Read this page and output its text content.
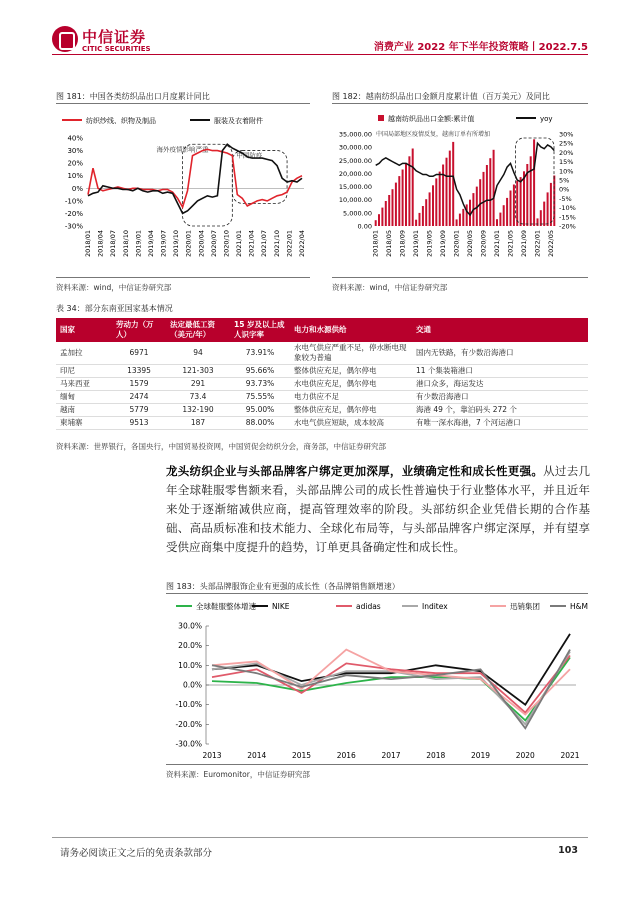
中信证券
CITIC SECURITIES	消费产业 2022 年下半年投资策略丨2022.7.5
图 181：中国各类纺织品出口月度累计同比
纺织纱线、织物及制品	服装及衣着附件
-30%
-20%
-10%
0%
10%
20%
30%
40%
2018/01 2018/04 2018/07 2018/10 2019/01 2019/04 2019/07 2019/10 2020/01 2020/04 2020/07 2020/10 2021/01 2021/04 2021/07 2021/10 2022/01 2022/04
海外疫情影响严重
中国防疫
资料来源：wind，中信证券研究部
图 182：越南纺织品出口金额月度累计值（百万美元）及同比
越南纺织品出口金额:累计值	yoy
0.00
5,000.00
10,000.00
15,000.00
20,000.00
25,000.00
30,000.00
35,000.00
-20%
-15%
-10%
-5%
0%
5%
10%
15%
20%
25%
30%
中国局部地区疫情反复，越南订单有所增加
2018/01 2018/05 2018/09 2019/01 2019/05 2019/09 2020/01 2020/05 2020/09 2021/01 2021/05 2021/09 2022/01 2022/05
资料来源：wind，中信证券研究部
表 34：部分东南亚国家基本情况
国家	劳动力（万人）	法定最低工资（美元/年）	15 岁及以上成人识字率	电力和水源供给	交通
孟加拉	6971	94	73.91%	水电气供应严重不足，停水断电现象较为普遍	国内无铁路，有少数沿海港口
印尼	13395	121-303	95.66%	整体供应充足，偶尔停电	11 个集装箱港口
马来西亚	1579	291	93.73%	水电供应充足，偶尔停电	港口众多，海运发达
缅甸	2474	73.4	75.55%	电力供应不足	有少数沿海港口
越南	5779	132-190	95.00%	整体供应充足，偶尔停电	海港 49 个，靠泊码头 272 个
柬埔寨	9513	187	88.00%	水电气供应短缺，成本较高	有唯一深水海港，7 个河运港口
资料来源：世界银行，各国央行，中国贸易投资网，中国贸促会纺织分会，商务部，中信证券研究部
龙头纺织企业与头部品牌客户绑定更加深厚，业绩确定性和成长性更强。从过去几年全球鞋服零售额来看，头部品牌公司的成长性普遍快于行业整体水平，并且近年来处于逐渐缩减供应商，提高管理效率的阶段。头部纺织企业凭借长期的合作基础、高品质标准和技术能力、全球化布局等，与头部品牌客户绑定深厚，并有望享受供应商集中度提升的趋势，订单更具备确定性和成长性。
图 183：头部品牌服饰企业有更强的成长性（各品牌销售额增速）
全球鞋服整体增速 NIKE	adidas	Inditex	迅销集团	H&M
-30.0%
-20.0%
-10.0%
0.0%
10.0%
20.0%
30.0%
2013	2014	2015	2016	2017	2018	2019	2020	2021
资料来源：Euromonitor，中信证券研究部
请务必阅读正文之后的免责条款部分	103
